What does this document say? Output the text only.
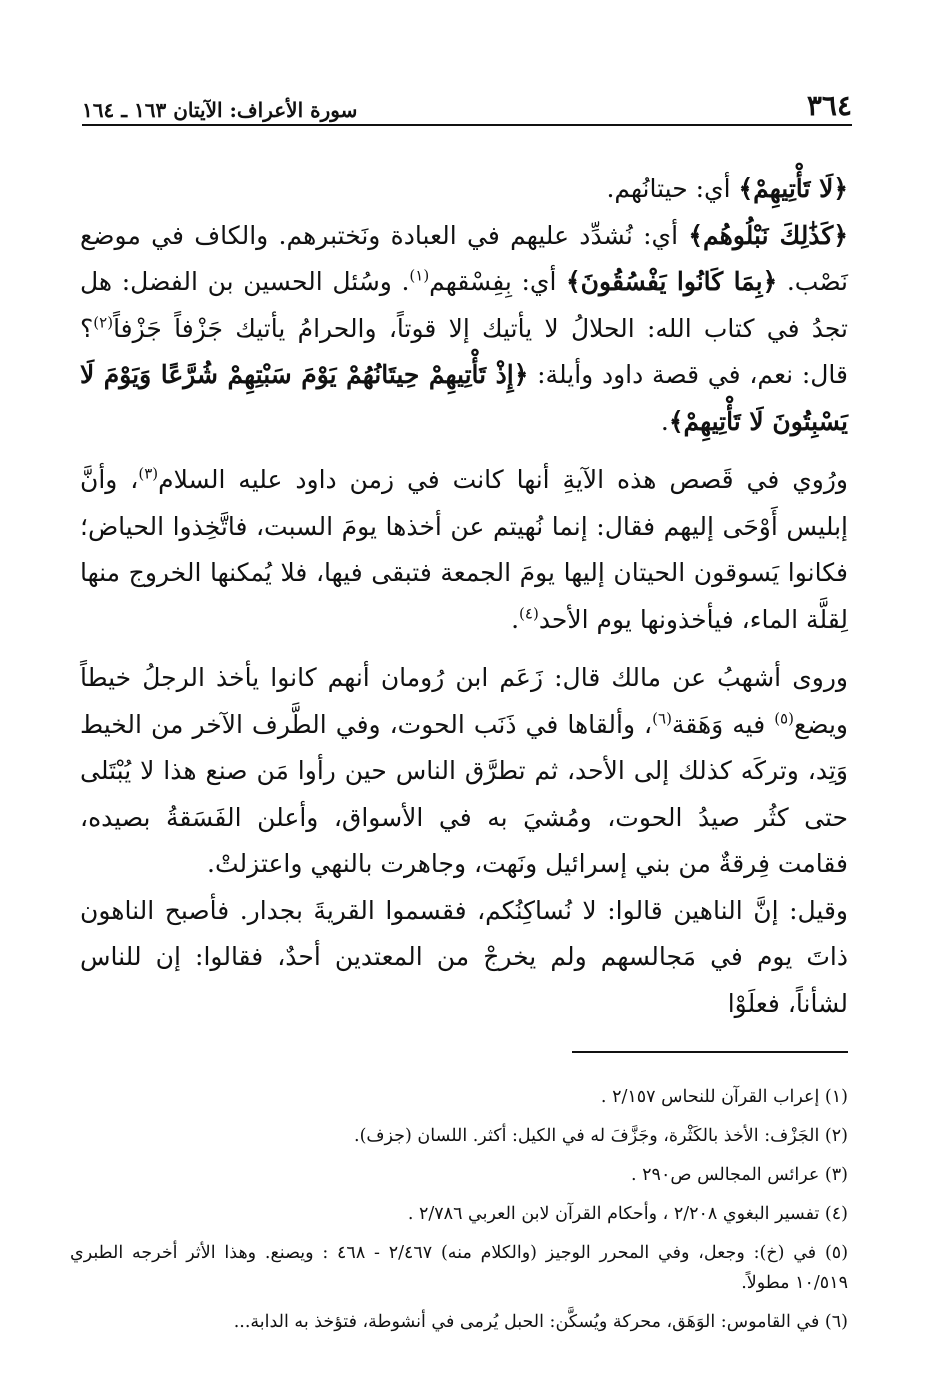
٣٦٤
سورة الأعراف: الآيتان ١٦٣ ـ ١٦٤

﴿لَا تَأْتِيهِمْ﴾ أي: حيتانُهم.

﴿كَذَٰلِكَ نَبْلُوهُم﴾ أي: نُشدِّد عليهم في العبادة ونَختبرهم. والكاف في موضع نَصْب. ﴿بِمَا كَانُوا يَفْسُقُونَ﴾ أي: بِفِسْقهم$^{(١)}$. وسُئل الحسين بن الفضل: هل تجدُ في كتاب الله: الحلالُ لا يأتيك إلا قوتاً، والحرامُ يأتيك جَزْفاً جَزْفاً$^{(٢)}$؟ قال: نعم، في قصة داود وأيلة: ﴿إِذْ تَأْتِيهِمْ حِيتَانُهُمْ يَوْمَ سَبْتِهِمْ شُرَّعًا وَيَوْمَ لَا يَسْبِتُونَ لَا تَأْتِيهِمْ﴾.

ورُوي في قَصص هذه الآيةِ أنها كانت في زمن داود عليه السلام$^{(٣)}$، وأنَّ إبليس أَوْحَى إليهم فقال: إنما نُهيتم عن أخذها يومَ السبت، فاتَّخِذوا الحياض؛ فكانوا يَسوقون الحيتان إليها يومَ الجمعة فتبقى فيها، فلا يُمكنها الخروج منها لِقلَّة الماء، فيأخذونها يوم الأحد$^{(٤)}$.

وروى أشهبُ عن مالك قال: زَعَم ابن رُومان أنهم كانوا يأخذ الرجلُ خيطاً ويضع$^{(٥)}$ فيه وَهَقة$^{(٦)}$، وألقاها في ذَنَب الحوت، وفي الطَّرف الآخر من الخيط وَتِد، وتركَه كذلك إلى الأحد، ثم تطرَّق الناس حين رأوا مَن صنع هذا لا يُبْتَلى حتى كثُر صيدُ الحوت، ومُشيَ به في الأسواق، وأعلن الفَسَقةُ بصيده، فقامت فِرقةٌ من بني إسرائيل ونَهت، وجاهرت بالنهي واعتزلتْ.

وقيل: إنَّ الناهين قالوا: لا نُساكِنُكم، فقسموا القريةَ بجدار. فأصبح الناهون ذاتَ يوم في مَجالسهم ولم يخرجْ من المعتدين أحدٌ، فقالوا: إن للناس لشأناً، فعلَوْا

(١) إعراب القرآن للنحاس ٢/١٥٧ .

(٢) الجَزْف: الأخذ بالكَثْرة، وجَزَّفَ له في الكيل: أكثر. اللسان (جزف).

(٣) عرائس المجالس ص٢٩٠ .

(٤) تفسير البغوي ٢/٢٠٨ ، وأحكام القرآن لابن العربي ٢/٧٨٦ .

(٥) في (خ): وجعل، وفي المحرر الوجيز (والكلام منه) ٢/٤٦٧ - ٤٦٨ : ويصنع. وهذا الأثر أخرجه الطبري ١٠/٥١٩ مطولاً.

(٦) في القاموس: الوَهَق، محركة ويُسكَّن: الحبل يُرمى في أنشوطة، فتؤخذ به الدابة...
